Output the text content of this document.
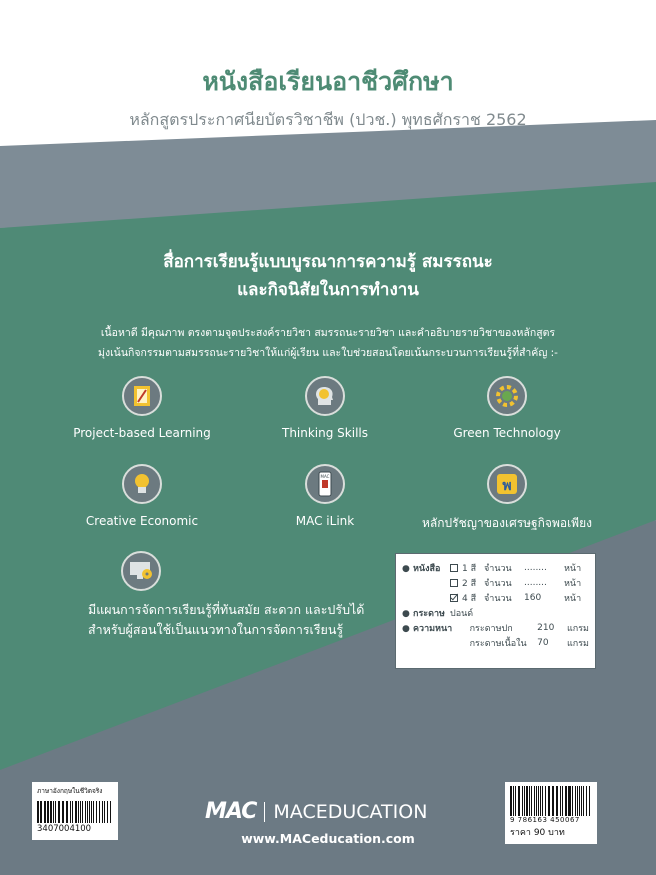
หนังสือเรียนอาชีวศึกษา
หลักสูตรประกาศนียบัตรวิชาชีพ (ปวช.) พุทธศักราช 2562
สื่อการเรียนรู้แบบบูรณาการความรู้ สมรรถนะ
และกิจนิสัยในการทำงาน
เนื้อหาดี มีคุณภาพ ตรงตามจุดประสงค์รายวิชา สมรรถนะรายวิชา และคำอธิบายรายวิชาของหลักสูตร
มุ่งเน้นกิจกรรมตามสมรรถนะรายวิชาให้แก่ผู้เรียน และใบช่วยสอนโดยเน้นกระบวนการเรียนรู้ที่สำคัญ :-
Project-based Learning	Thinking Skills	Green Technology
Creative Economic
MAC
MAC iLink
พ
หลักปรัชญาของเศรษฐกิจพอเพียง
มีแผนการจัดการเรียนรู้ที่ทันสมัย สะดวก และปรับได้
สำหรับผู้สอนใช้เป็นแนวทางในการจัดการเรียนรู้
● หนังสือ	1 สี จำนวน	........	หน้า
2 สี จำนวน	........	หน้า
4 สี จำนวน	160	หน้า
● กระดาษ ปอนด์
● ความหนา	กระดาษปก	210	แกรม
กระดาษเนื้อใน	70	แกรม
ภาษาอังกฤษในชีวิตจริง
3407004100
9 786163 450067
ราคา 90 บาท
MAC MACEDUCATION
www.MACeducation.com
